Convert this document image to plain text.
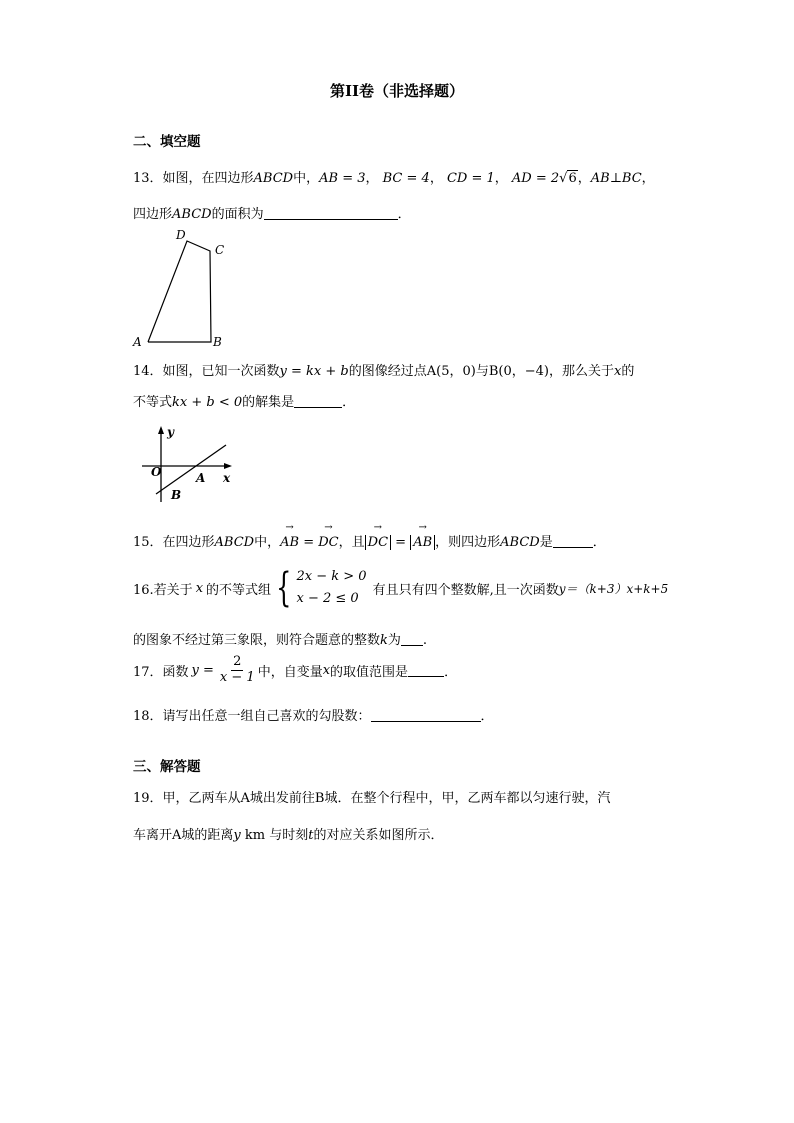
第II卷（非选择题）
二、填空题
13．如图，在四边形ABCD中，AB = 3， BC = 4， CD = 1， AD = 2√6，AB⊥BC，
四边形ABCD的面积为	．
A	B
C
D
14．如图，已知一次函数y = kx + b的图像经过点A(5，0)与B(0，−4)，那么关于x的
不等式kx + b < 0的解集是	．
y
x
O	A
B
15．在四边形ABCD中，→ AB = → DC，且→ DC = → AB ，则四边形ABCD是	．
16.若关于 x 的不等式组 { 2x − k > 0
x − 2 ≤ 0
有且只有四个整数解,且一次函数 y＝（k+3）x+k+5
的图象不经过第三象限，则符合题意的整数k为 .
17．函数 $y = \frac{2}{x - 1}$ 中，自变量 x 的取值范围是	．
18．请写出任意一组自己喜欢的勾股数：	．
三、解答题
19．甲，乙两车从A城出发前往B城．在整个行程中，甲，乙两车都以匀速行驶，汽
车离开A城的距离y km 与时刻t的对应关系如图所示．
